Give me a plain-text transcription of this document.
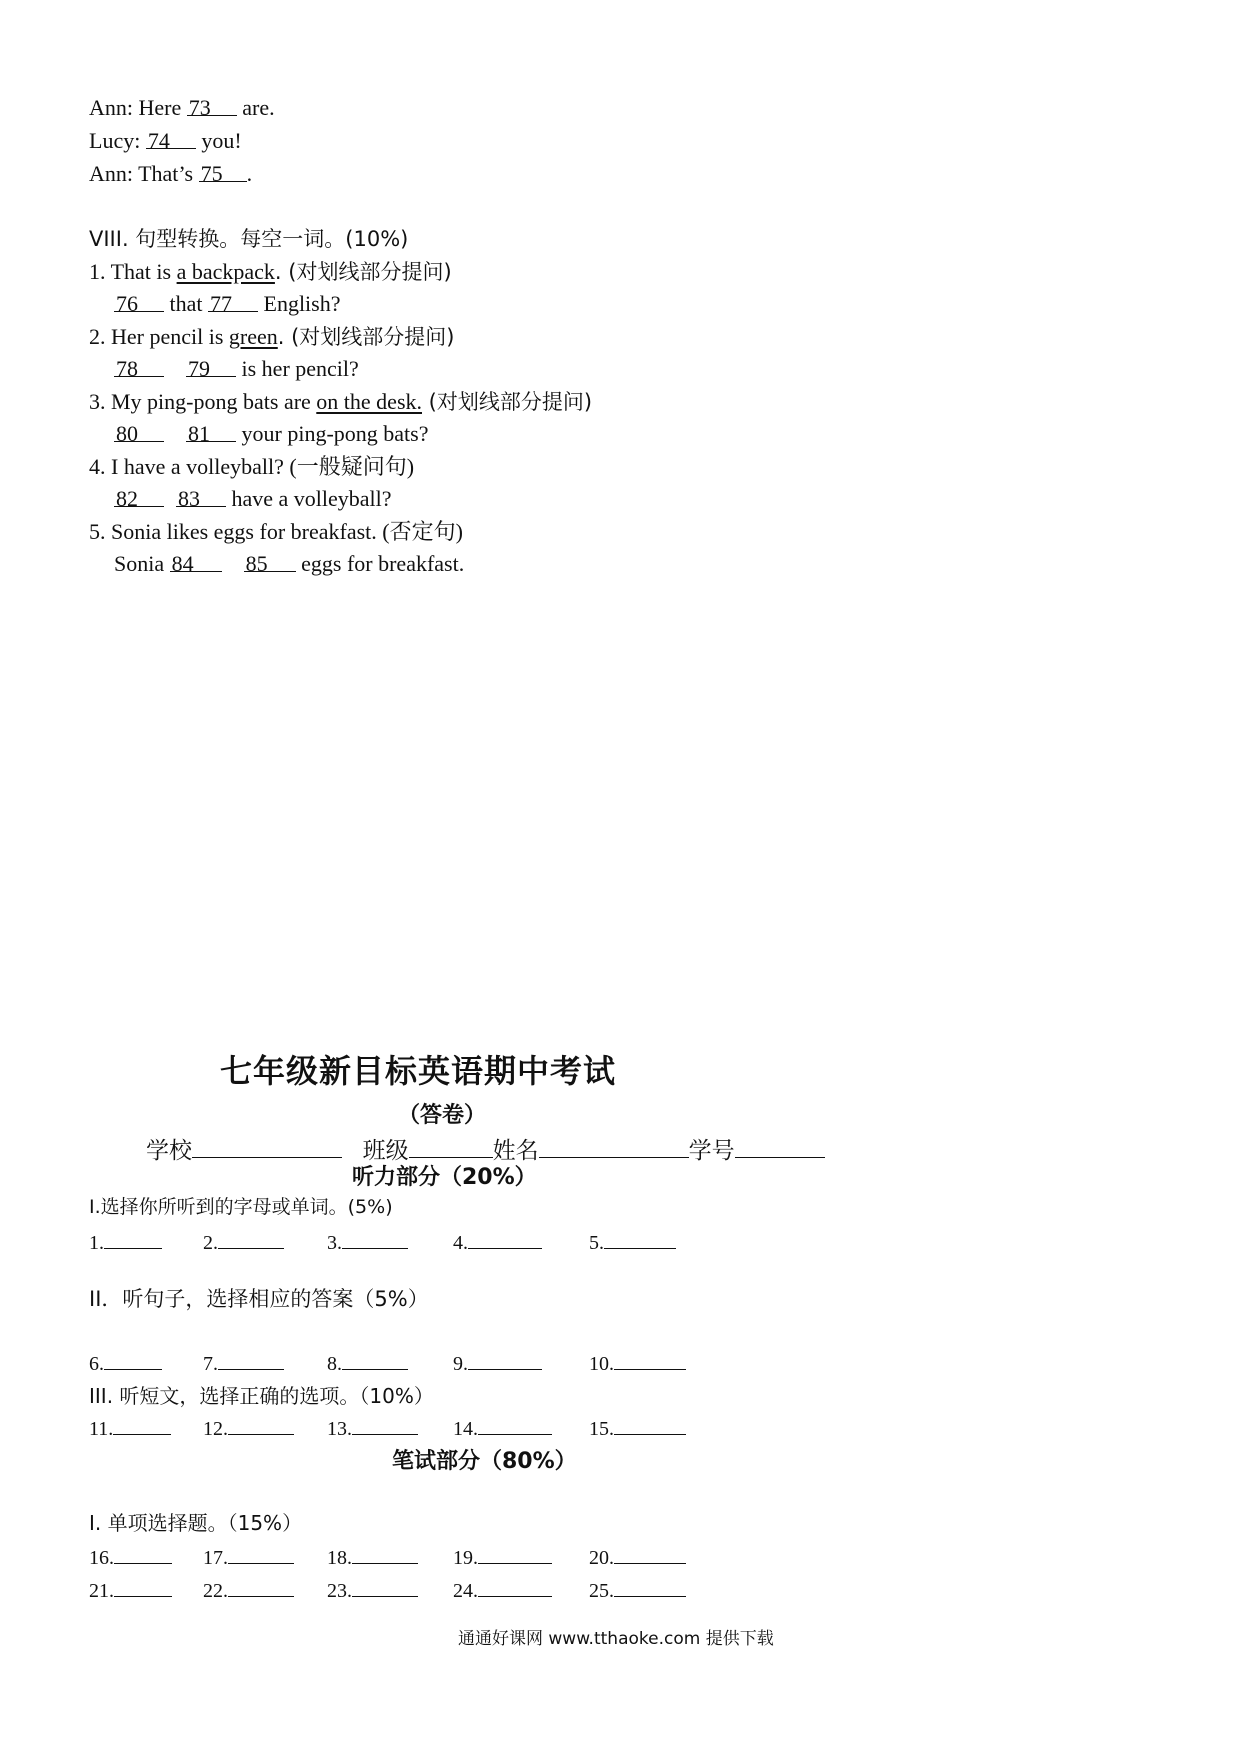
Ann: Here 73 are.
Lucy: 74 you!
Ann: That’s 75 .
VIII. 句型转换。每空一词。(10%)
1. That is a backpack. (对划线部分提问)
76 that 77 English?
2. Her pencil is green. (对划线部分提问)
78 79 is her pencil?
3. My ping-pong bats are on the desk. (对划线部分提问)
80 81 your ping-pong bats?
4. I have a volleyball? (一般疑问句)
82 83 have a volleyball?
5. Sonia likes eggs for breakfast. (否定句)
Sonia 84 85 eggs for breakfast.
七年级新目标英语期中考试
（答卷）
学校	班级	姓名	学号
听力部分（20%）
I.选择你所听到的字母或单词。(5%)
1.	2.	3.	4.	5.
II．听句子，选择相应的答案（5%）
6.	7.	8.	9.	10.
III. 听短文，选择正确的选项。（10%）
11.	12.	13.	14.	15.
笔试部分（80%）
I. 单项选择题。（15%）
16.	17.	18.	19.	20.
21.	22.	23.	24.	25.
通通好课网 www.tthaoke.com 提供下载
